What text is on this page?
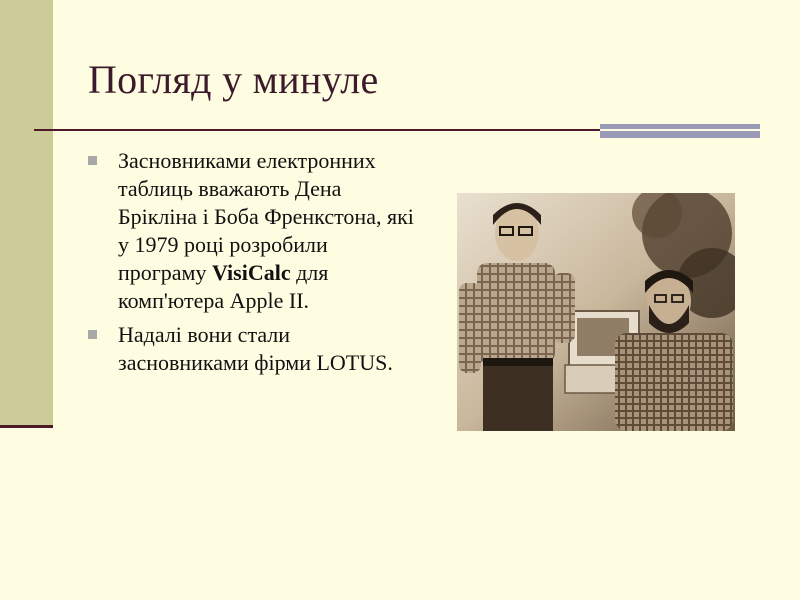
Погляд у минуле
Засновниками електронних таблиць вважають Дена Брікліна і Боба Френкстона, які у 1979 році розробили програму VisiCalc для комп'ютера Apple II.
Надалі вони стали засновниками фірми LOTUS.
